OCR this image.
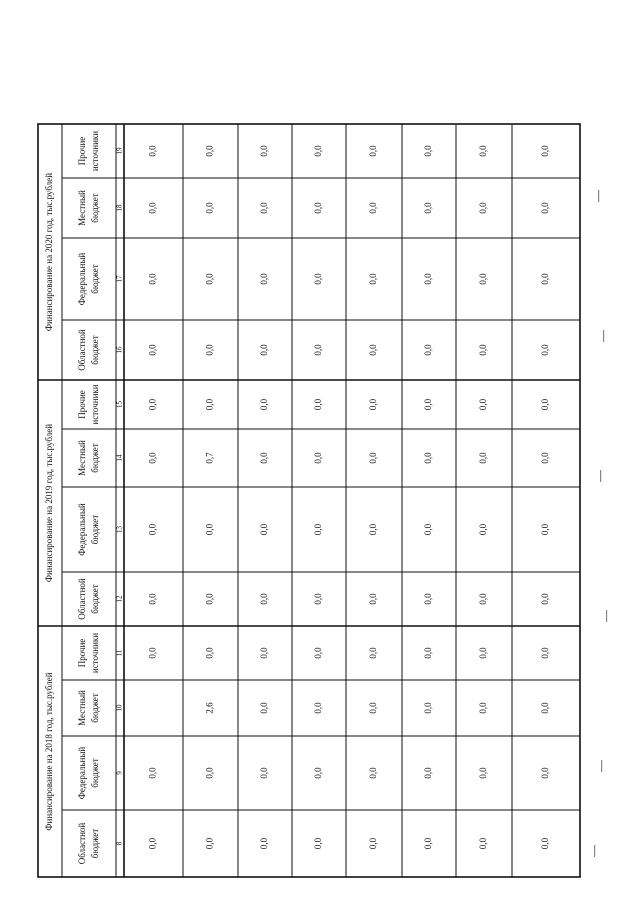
Финансирование на 2018 год, тыс.рублей
Финансирование на 2019 год, тыс.рублей
Финансирование на 2020 год, тыс.рублей
Областной бюджет 8
Федеральный бюджет 9
Местный бюджет 10
Прочие источники 11
Областной бюджет 12
Федеральный бюджет 13
Местный бюджет 14
Прочие источники 15
Областной бюджет 16
Федеральный бюджет 17
Местный бюджет 18
Прочие источники 19
0,0
0,0
0,0
0,0
0,0
0,0
0,0
0,0
0,0
0,0
0,0
0,0
0,0
2,6
0,0
0,0
0,0
0,7
0,0
0,0
0,0
0,0
0,0
0,0
0,0
0,0
0,0
0,0
0,0
0,0
0,0
0,0
0,0
0,0
0,0
0,0
0,0
0,0
0,0
0,0
0,0
0,0
0,0
0,0
0,0
0,0
0,0
0,0
0,0
0,0
0,0
0,0
0,0
0,0
0,0
0,0
0,0
0,0
0,0
0,0
0,0
0,0
0,0
0,0
0,0
0,0
0,0
0,0
0,0
0,0
0,0
0,0
0,0
0,0
0,0
0,0
0,0
0,0
0,0
0,0
0,0
0,0
0,0
0,0
0,0
0,0
0,0
0,0
0,0
0,0
0,0
0,0
0,0
0,0
0,0
